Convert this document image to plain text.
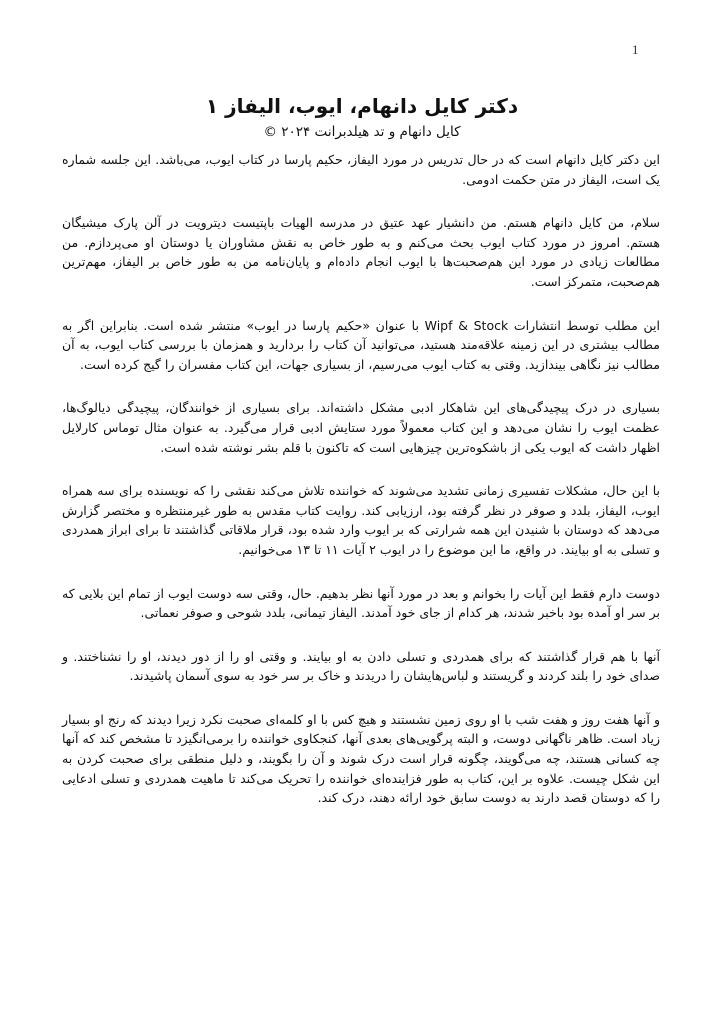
1
دکتر کایل دانهام، ایوب، الیفاز ۱

کایل دانهام و تد هیلدبرانت ۲۰۲۴ ©

این دکتر کایل دانهام است که در حال تدریس در مورد الیفاز، حکیم پارسا در کتاب ایوب، می‌باشد. این جلسه شماره یک است، الیفاز در متن حکمت ادومی.

سلام، من کایل دانهام هستم. من دانشیار عهد عتیق در مدرسه الهیات باپتیست دیترویت در آلن پارک میشیگان هستم. امروز در مورد کتاب ایوب بحث می‌کنم و به طور خاص به نقش مشاوران یا دوستان او می‌پردازم. من مطالعات زیادی در مورد این هم‌صحبت‌ها با ایوب انجام داده‌ام و پایان‌نامه من به طور خاص بر الیفاز، مهم‌ترین هم‌صحبت، متمرکز است.

این مطلب توسط انتشارات Wipf & Stock با عنوان «حکیم پارسا در ایوب» منتشر شده است. بنابراین اگر به مطالب بیشتری در این زمینه علاقه‌مند هستید، می‌توانید آن کتاب را بردارید و همزمان با بررسی کتاب ایوب، به آن مطالب نیز نگاهی بیندازید. وقتی به کتاب ایوب می‌رسیم، از بسیاری جهات، این کتاب مفسران را گیج کرده است.

بسیاری در درک پیچیدگی‌های این شاهکار ادبی مشکل داشته‌اند. برای بسیاری از خوانندگان، پیچیدگی دیالوگ‌ها، عظمت ایوب را نشان می‌دهد و این کتاب معمولاً مورد ستایش ادبی قرار می‌گیرد. به عنوان مثال توماس کارلایل اظهار داشت که ایوب یکی از باشکوه‌ترین چیزهایی است که تاکنون با قلم بشر نوشته شده است.

با این حال، مشکلات تفسیری زمانی تشدید می‌شوند که خواننده تلاش می‌کند نقشی را که نویسنده برای سه همراه ایوب، الیفاز، بلدد و صوفر در نظر گرفته بود، ارزیابی کند. روایت کتاب مقدس به طور غیرمنتظره و مختصر گزارش می‌دهد که دوستان با شنیدن این همه شرارتی که بر ایوب وارد شده بود، قرار ملاقاتی گذاشتند تا برای ابراز همدردی و تسلی به او بیایند. در واقع، ما این موضوع را در ایوب ۲ آیات ۱۱ تا ۱۳ می‌خوانیم.

دوست دارم فقط این آیات را بخوانم و بعد در مورد آنها نظر بدهیم. حال، وقتی سه دوست ایوب از تمام این بلایی که بر سر او آمده بود باخبر شدند، هر کدام از جای خود آمدند. الیفاز تیمانی، بلدد شوحی و صوفر نعماتی.

آنها با هم قرار گذاشتند که برای همدردی و تسلی دادن به او بیایند. و وقتی او را از دور دیدند، او را نشناختند. و صدای خود را بلند کردند و گریستند و لباس‌هایشان را دریدند و خاک بر سر خود به سوی آسمان پاشیدند.

و آنها هفت روز و هفت شب با او روی زمین نشستند و هیچ کس با او کلمه‌ای صحبت نکرد زیرا دیدند که رنج او بسیار زیاد است. ظاهر ناگهانی دوست، و البته پرگویی‌های بعدی آنها، کنجکاوی خواننده را برمی‌انگیزد تا مشخص کند که آنها چه کسانی هستند، چه می‌گویند، چگونه قرار است درک شوند و آن را بگویند، و دلیل منطقی برای صحبت کردن به این شکل چیست. علاوه بر این، کتاب به طور فزاینده‌ای خواننده را تحریک می‌کند تا ماهیت همدردی و تسلی ادعایی را که دوستان قصد دارند به دوست سابق خود ارائه دهند، درک کند.
